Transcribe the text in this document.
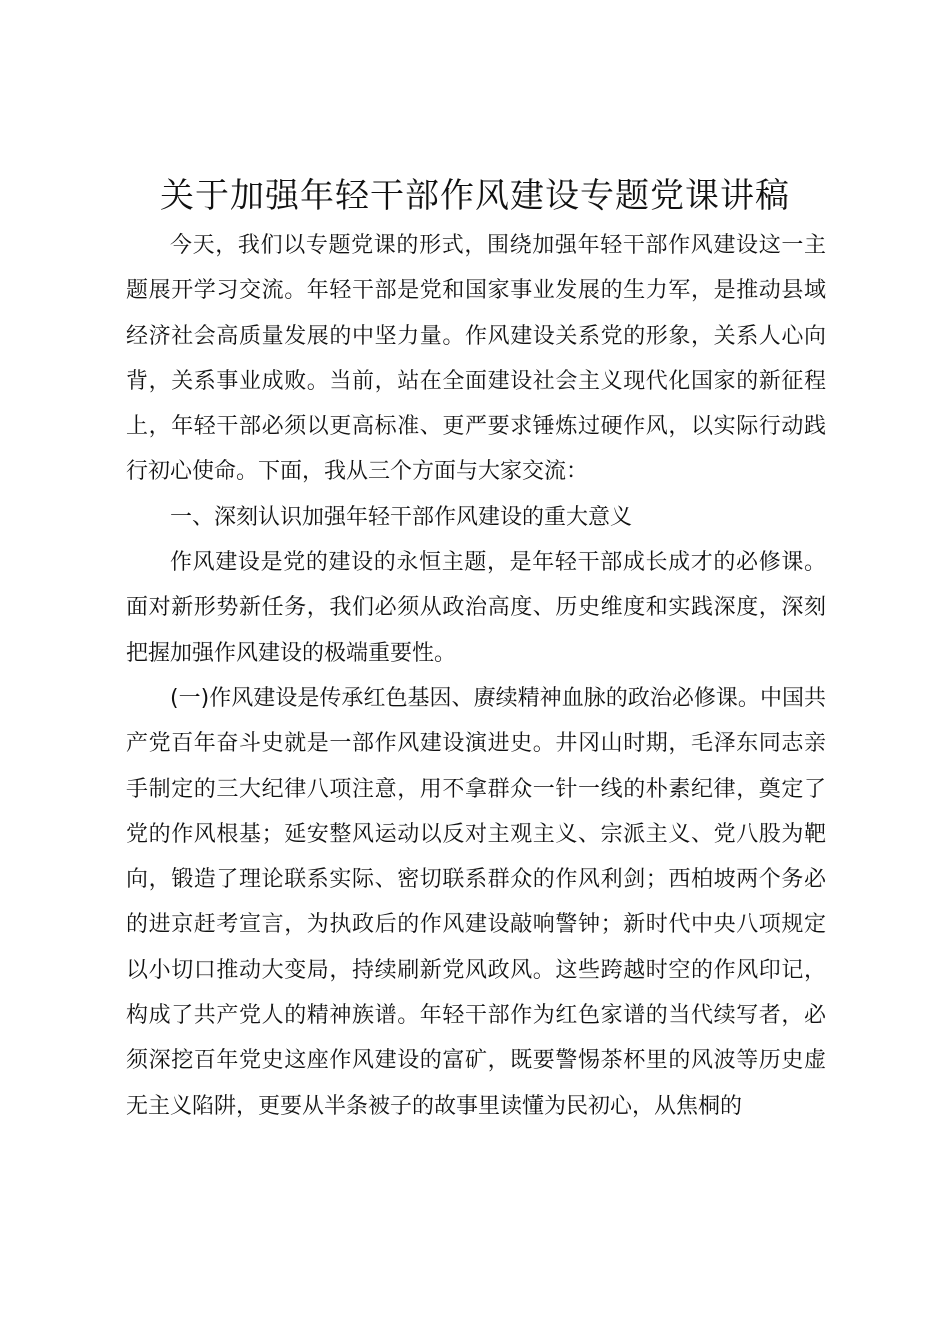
关于加强年轻干部作风建设专题党课讲稿

今天，我们以专题党课的形式，围绕加强年轻干部作风建设这一主题展开学习交流。年轻干部是党和国家事业发展的生力军，是推动县域经济社会高质量发展的中坚力量。作风建设关系党的形象，关系人心向背，关系事业成败。当前，站在全面建设社会主义现代化国家的新征程上，年轻干部必须以更高标准、更严要求锤炼过硬作风，以实际行动践行初心使命。下面，我从三个方面与大家交流：

一、深刻认识加强年轻干部作风建设的重大意义

作风建设是党的建设的永恒主题，是年轻干部成长成才的必修课。面对新形势新任务，我们必须从政治高度、历史维度和实践深度，深刻把握加强作风建设的极端重要性。

(一)作风建设是传承红色基因、赓续精神血脉的政治必修课。中国共产党百年奋斗史就是一部作风建设演进史。井冈山时期，毛泽东同志亲手制定的三大纪律八项注意，用不拿群众一针一线的朴素纪律，奠定了党的作风根基；延安整风运动以反对主观主义、宗派主义、党八股为靶向，锻造了理论联系实际、密切联系群众的作风利剑；西柏坡两个务必的进京赶考宣言，为执政后的作风建设敲响警钟；新时代中央八项规定以小切口推动大变局，持续刷新党风政风。这些跨越时空的作风印记，构成了共产党人的精神族谱。年轻干部作为红色家谱的当代续写者，必须深挖百年党史这座作风建设的富矿，既要警惕茶杯里的风波等历史虚无主义陷阱，更要从半条被子的故事里读懂为民初心，从焦桐的
